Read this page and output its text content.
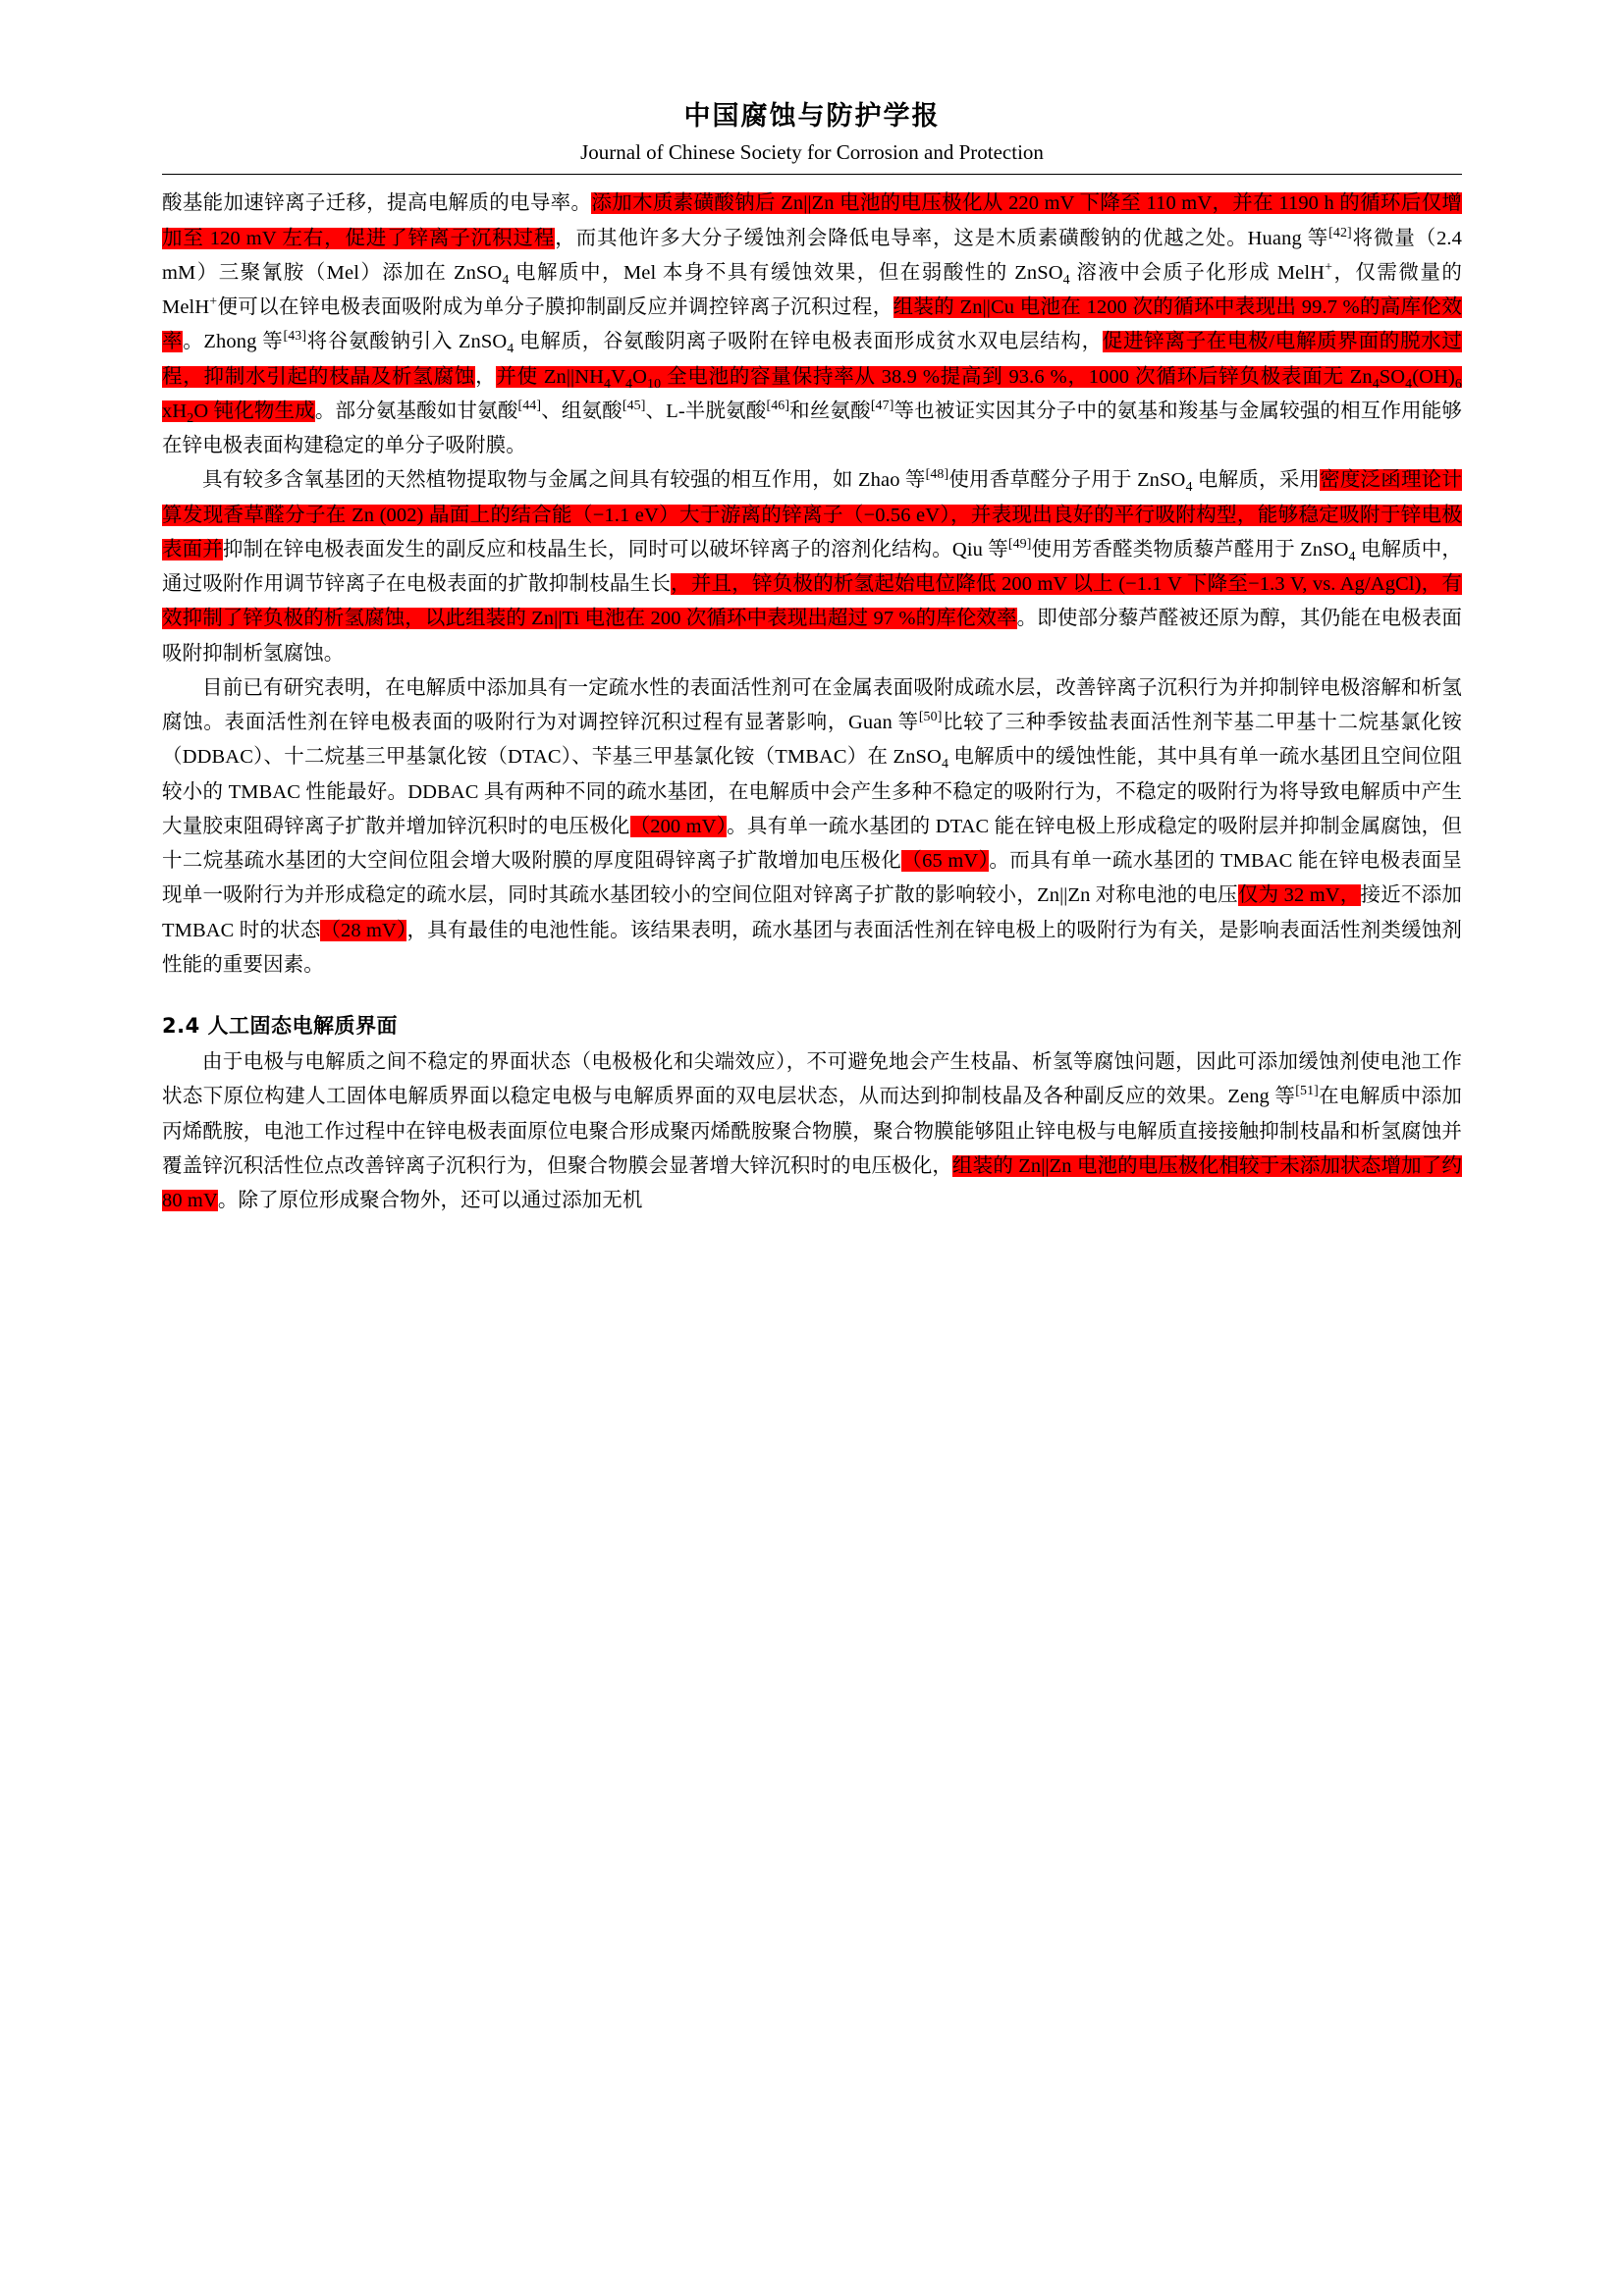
中国腐蚀与防护学报
Journal of Chinese Society for Corrosion and Protection

酸基能加速锌离子迁移，提高电解质的电导率。添加木质素磺酸钠后 Zn||Zn 电池的电压极化从 220 mV 下降至 110 mV，并在 1190 h 的循环后仅增加至 120 mV 左右，促进了锌离子沉积过程，而其他许多大分子缓蚀剂会降低电导率，这是木质素磺酸钠的优越之处。Huang 等[42]将微量（2.4 mM）三聚氰胺（Mel）添加在 ZnSO$_4$ 电解质中，Mel 本身不具有缓蚀效果，但在弱酸性的 ZnSO$_4$ 溶液中会质子化形成 MelH+，仅需微量的 MelH+便可以在锌电极表面吸附成为单分子膜抑制副反应并调控锌离子沉积过程，组装的 Zn||Cu 电池在 1200 次的循环中表现出 99.7 %的高库伦效率。Zhong 等[43]将谷氨酸钠引入 ZnSO$_4$ 电解质，谷氨酸阴离子吸附在锌电极表面形成贫水双电层结构，促进锌离子在电极/电解质界面的脱水过程，抑制水引起的枝晶及析氢腐蚀，并使 $Zn||NH_4V_4O_{10}$ 全电池的容量保持率从 38.9 %提高到 93.6 %，1000 次循环后锌负极表面无 $Zn_4SO_4(OH)_6$ $xH_2O$ 钝化物生成。部分氨基酸如甘氨酸[44]、组氨酸[45]、L-半胱氨酸[46]和丝氨酸[47]等也被证实因其分子中的氨基和羧基与金属较强的相互作用能够在锌电极表面构建稳定的单分子吸附膜。

具有较多含氧基团的天然植物提取物与金属之间具有较强的相互作用，如 Zhao 等[48]使用香草醛分子用于 ZnSO$_4$ 电解质，采用密度泛函理论计算发现香草醛分子在 Zn (002) 晶面上的结合能（−1.1 eV）大于游离的锌离子（−0.56 eV），并表现出良好的平行吸附构型，能够稳定吸附于锌电极表面并抑制在锌电极表面发生的副反应和枝晶生长，同时可以破坏锌离子的溶剂化结构。Qiu 等[49]使用芳香醛类物质藜芦醛用于 ZnSO$_4$ 电解质中，通过吸附作用调节锌离子在电极表面的扩散抑制枝晶生长，并且，锌负极的析氢起始电位降低 200 mV 以上 (−1.1 V 下降至−1.3 V, vs. Ag/AgCl)，有效抑制了锌负极的析氢腐蚀，以此组装的 Zn||Ti 电池在 200 次循环中表现出超过 97 %的库伦效率。即使部分藜芦醛被还原为醇，其仍能在电极表面吸附抑制析氢腐蚀。

目前已有研究表明，在电解质中添加具有一定疏水性的表面活性剂可在金属表面吸附成疏水层，改善锌离子沉积行为并抑制锌电极溶解和析氢腐蚀。表面活性剂在锌电极表面的吸附行为对调控锌沉积过程有显著影响，Guan 等[50]比较了三种季铵盐表面活性剂苄基二甲基十二烷基氯化铵（DDBAC）、十二烷基三甲基氯化铵（DTAC）、苄基三甲基氯化铵（TMBAC）在 ZnSO$_4$ 电解质中的缓蚀性能，其中具有单一疏水基团且空间位阻较小的 TMBAC 性能最好。DDBAC 具有两种不同的疏水基团，在电解质中会产生多种不稳定的吸附行为，不稳定的吸附行为将导致电解质中产生大量胶束阻碍锌离子扩散并增加锌沉积时的电压极化（200 mV）。具有单一疏水基团的 DTAC 能在锌电极上形成稳定的吸附层并抑制金属腐蚀，但十二烷基疏水基团的大空间位阻会增大吸附膜的厚度阻碍锌离子扩散增加电压极化（65 mV）。而具有单一疏水基团的 TMBAC 能在锌电极表面呈现单一吸附行为并形成稳定的疏水层，同时其疏水基团较小的空间位阻对锌离子扩散的影响较小，Zn||Zn 对称电池的电压仅为 32 mV，接近不添加 TMBAC 时的状态（28 mV），具有最佳的电池性能。该结果表明，疏水基团与表面活性剂在锌电极上的吸附行为有关，是影响表面活性剂类缓蚀剂性能的重要因素。

2.4 人工固态电解质界面

由于电极与电解质之间不稳定的界面状态（电极极化和尖端效应），不可避免地会产生枝晶、析氢等腐蚀问题，因此可添加缓蚀剂使电池工作状态下原位构建人工固体电解质界面以稳定电极与电解质界面的双电层状态，从而达到抑制枝晶及各种副反应的效果。Zeng 等[51]在电解质中添加丙烯酰胺，电池工作过程中在锌电极表面原位电聚合形成聚丙烯酰胺聚合物膜，聚合物膜能够阻止锌电极与电解质直接接触抑制枝晶和析氢腐蚀并覆盖锌沉积活性位点改善锌离子沉积行为，但聚合物膜会显著增大锌沉积时的电压极化，组装的 Zn||Zn 电池的电压极化相较于未添加状态增加了约 80 mV。除了原位形成聚合物外，还可以通过添加无机
